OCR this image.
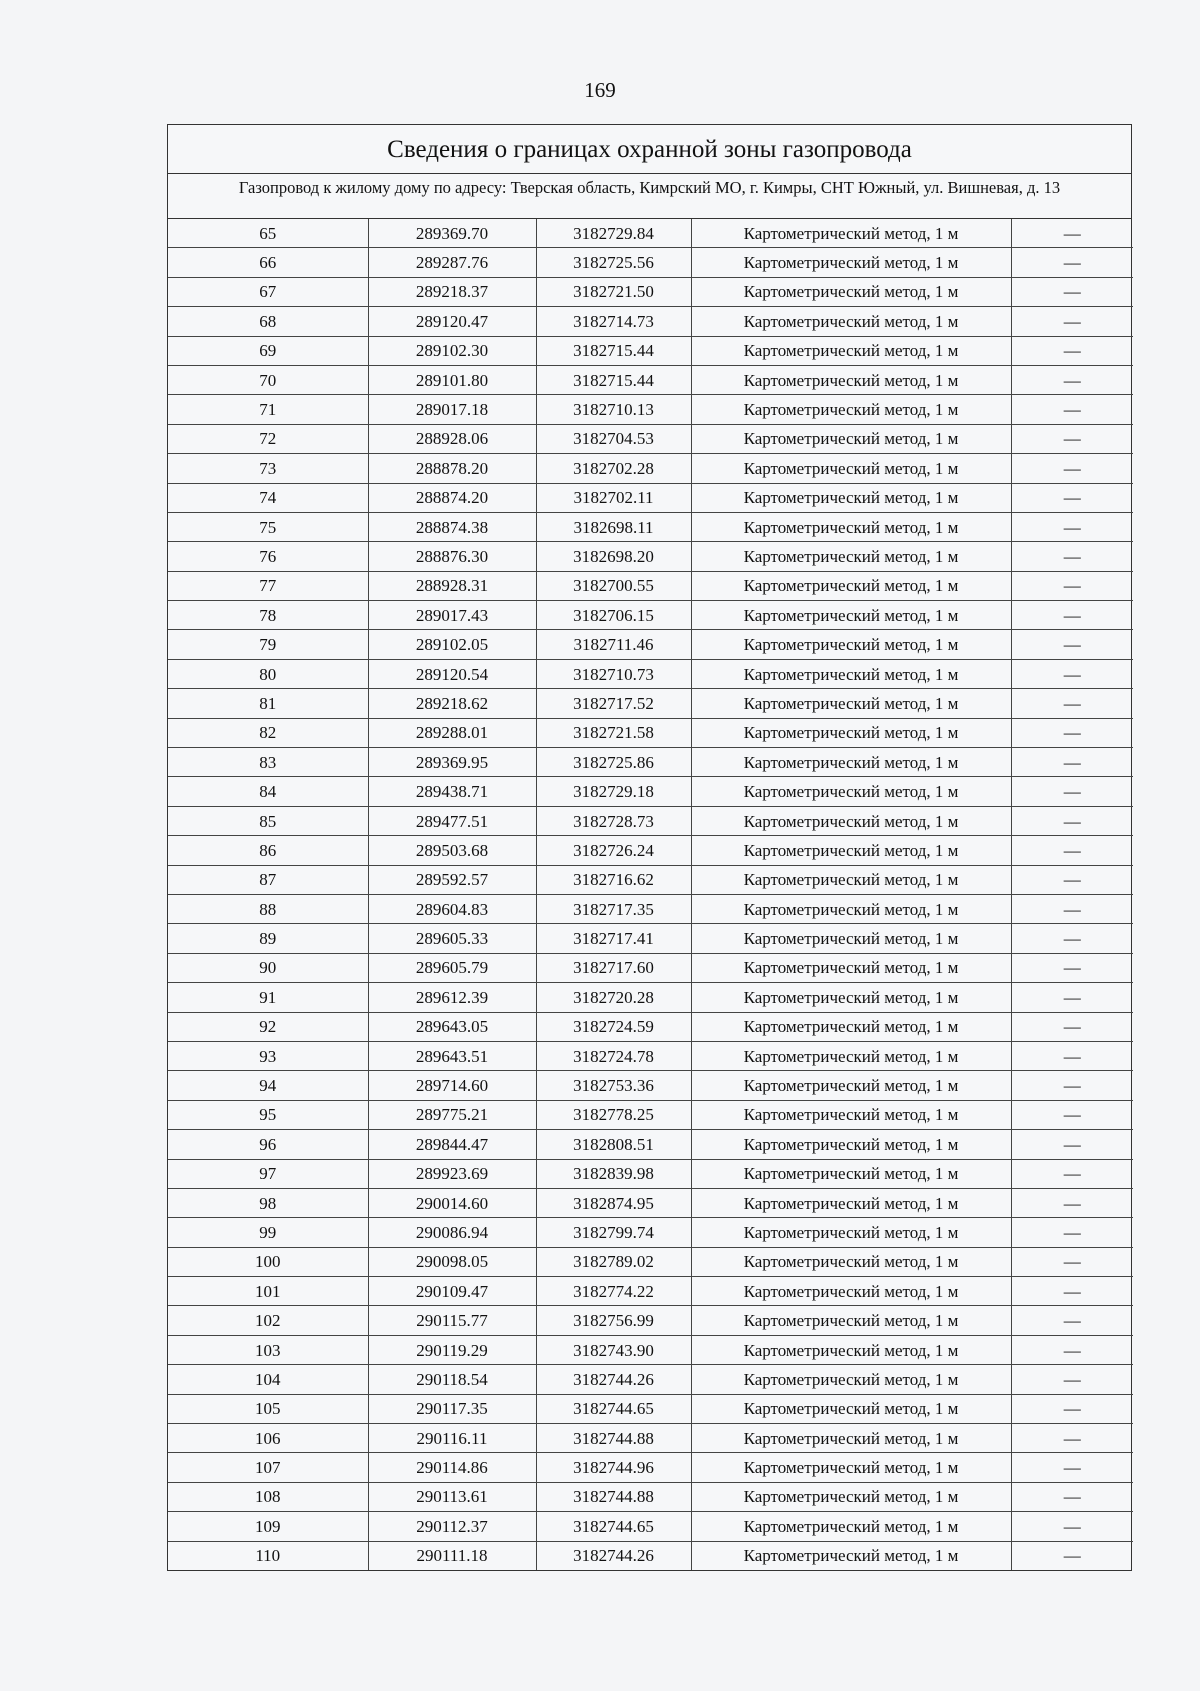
169
Сведения о границах охранной зоны газопровода
Газопровод к жилому дому по адресу: Тверская область, Кимрский МО, г. Кимры, СНТ Южный, ул. Вишневая, д. 13
65	289369.70	3182729.84	Картометрический метод, 1 м	—
66	289287.76	3182725.56	Картометрический метод, 1 м	—
67	289218.37	3182721.50	Картометрический метод, 1 м	—
68	289120.47	3182714.73	Картометрический метод, 1 м	—
69	289102.30	3182715.44	Картометрический метод, 1 м	—
70	289101.80	3182715.44	Картометрический метод, 1 м	—
71	289017.18	3182710.13	Картометрический метод, 1 м	—
72	288928.06	3182704.53	Картометрический метод, 1 м	—
73	288878.20	3182702.28	Картометрический метод, 1 м	—
74	288874.20	3182702.11	Картометрический метод, 1 м	—
75	288874.38	3182698.11	Картометрический метод, 1 м	—
76	288876.30	3182698.20	Картометрический метод, 1 м	—
77	288928.31	3182700.55	Картометрический метод, 1 м	—
78	289017.43	3182706.15	Картометрический метод, 1 м	—
79	289102.05	3182711.46	Картометрический метод, 1 м	—
80	289120.54	3182710.73	Картометрический метод, 1 м	—
81	289218.62	3182717.52	Картометрический метод, 1 м	—
82	289288.01	3182721.58	Картометрический метод, 1 м	—
83	289369.95	3182725.86	Картометрический метод, 1 м	—
84	289438.71	3182729.18	Картометрический метод, 1 м	—
85	289477.51	3182728.73	Картометрический метод, 1 м	—
86	289503.68	3182726.24	Картометрический метод, 1 м	—
87	289592.57	3182716.62	Картометрический метод, 1 м	—
88	289604.83	3182717.35	Картометрический метод, 1 м	—
89	289605.33	3182717.41	Картометрический метод, 1 м	—
90	289605.79	3182717.60	Картометрический метод, 1 м	—
91	289612.39	3182720.28	Картометрический метод, 1 м	—
92	289643.05	3182724.59	Картометрический метод, 1 м	—
93	289643.51	3182724.78	Картометрический метод, 1 м	—
94	289714.60	3182753.36	Картометрический метод, 1 м	—
95	289775.21	3182778.25	Картометрический метод, 1 м	—
96	289844.47	3182808.51	Картометрический метод, 1 м	—
97	289923.69	3182839.98	Картометрический метод, 1 м	—
98	290014.60	3182874.95	Картометрический метод, 1 м	—
99	290086.94	3182799.74	Картометрический метод, 1 м	—
100	290098.05	3182789.02	Картометрический метод, 1 м	—
101	290109.47	3182774.22	Картометрический метод, 1 м	—
102	290115.77	3182756.99	Картометрический метод, 1 м	—
103	290119.29	3182743.90	Картометрический метод, 1 м	—
104	290118.54	3182744.26	Картометрический метод, 1 м	—
105	290117.35	3182744.65	Картометрический метод, 1 м	—
106	290116.11	3182744.88	Картометрический метод, 1 м	—
107	290114.86	3182744.96	Картометрический метод, 1 м	—
108	290113.61	3182744.88	Картометрический метод, 1 м	—
109	290112.37	3182744.65	Картометрический метод, 1 м	—
110	290111.18	3182744.26	Картометрический метод, 1 м	—
